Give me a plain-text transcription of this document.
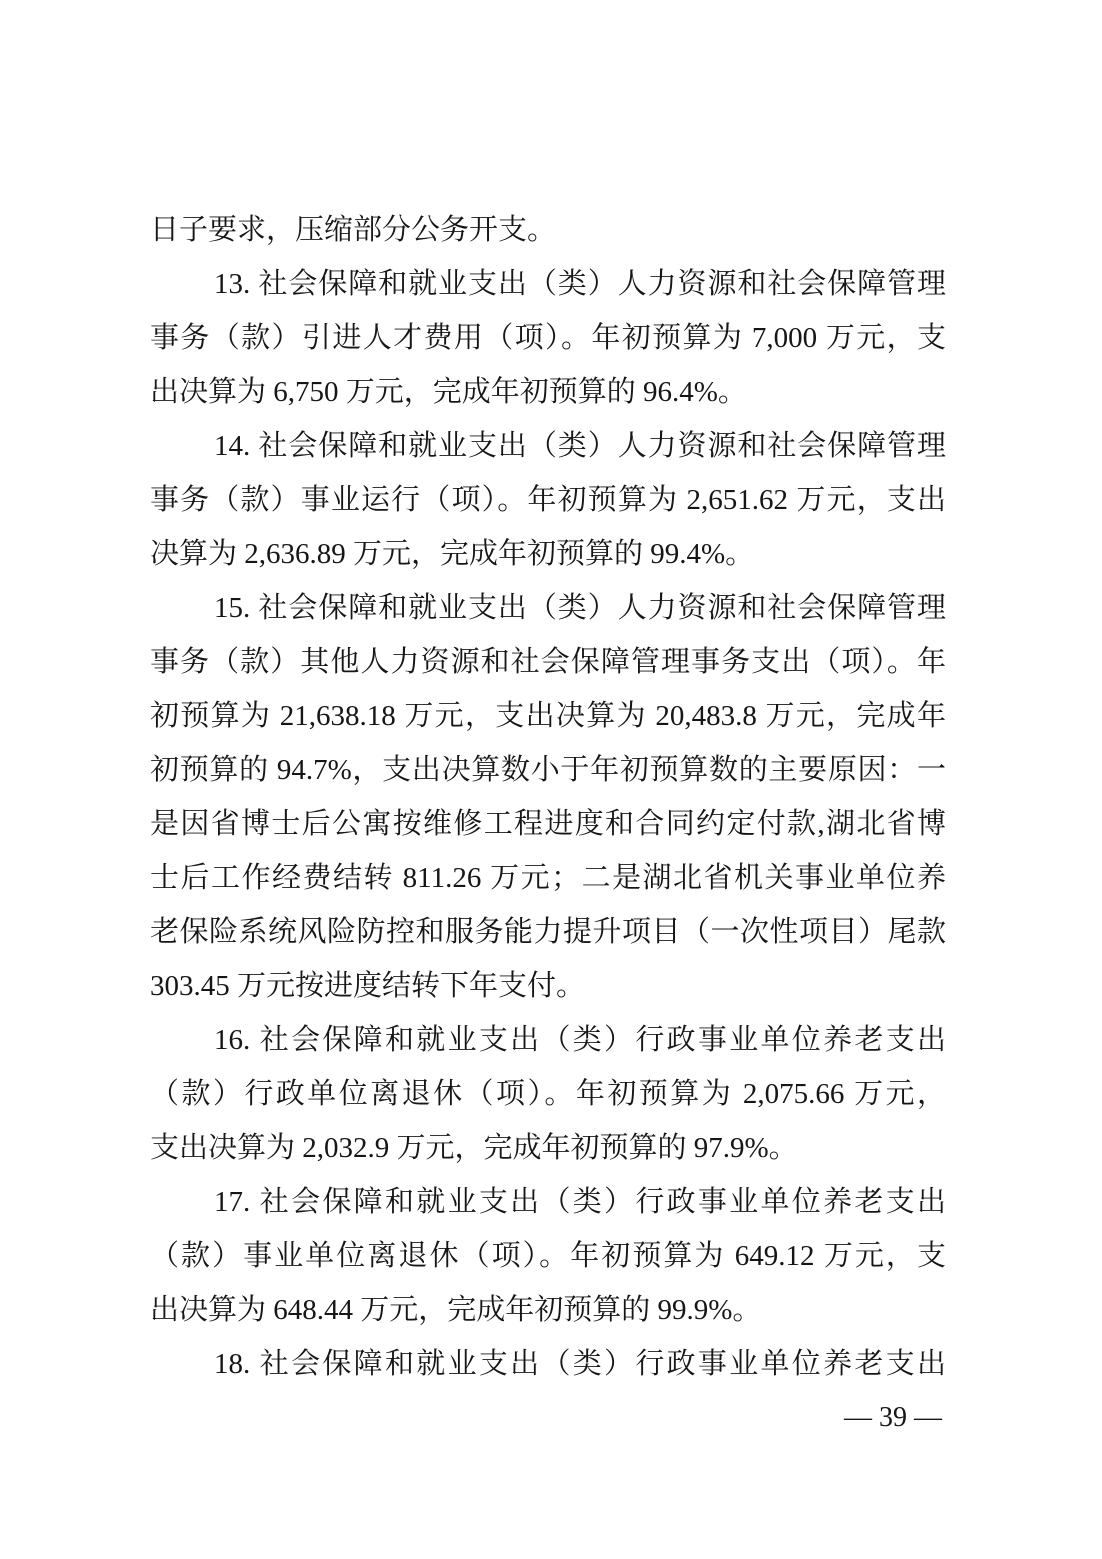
日子要求，压缩部分公务开支。
13. 社会保障和就业支出（类）人力资源和社会保障管理
事务（款）引进人才费用（项）。年初预算为 7,000 万元，支
出决算为 6,750 万元，完成年初预算的 96.4%。
14. 社会保障和就业支出（类）人力资源和社会保障管理
事务（款）事业运行（项）。年初预算为 2,651.62 万元，支出
决算为 2,636.89 万元，完成年初预算的 99.4%。
15. 社会保障和就业支出（类）人力资源和社会保障管理
事务（款）其他人力资源和社会保障管理事务支出（项）。年
初预算为 21,638.18 万元，支出决算为 20,483.8 万元，完成年
初预算的 94.7%，支出决算数小于年初预算数的主要原因：一
是因省博士后公寓按维修工程进度和合同约定付款,湖北省博
士后工作经费结转 811.26 万元；二是湖北省机关事业单位养
老保险系统风险防控和服务能力提升项目（一次性项目）尾款
303.45 万元按进度结转下年支付。
16. 社会保障和就业支出（类）行政事业单位养老支出
（款）行政单位离退休（项）。年初预算为 2,075.66 万元，
支出决算为 2,032.9 万元，完成年初预算的 97.9%。
17. 社会保障和就业支出（类）行政事业单位养老支出
（款）事业单位离退休（项）。年初预算为 649.12 万元，支
出决算为 648.44 万元，完成年初预算的 99.9%。
18. 社会保障和就业支出（类）行政事业单位养老支出
— 39 —
